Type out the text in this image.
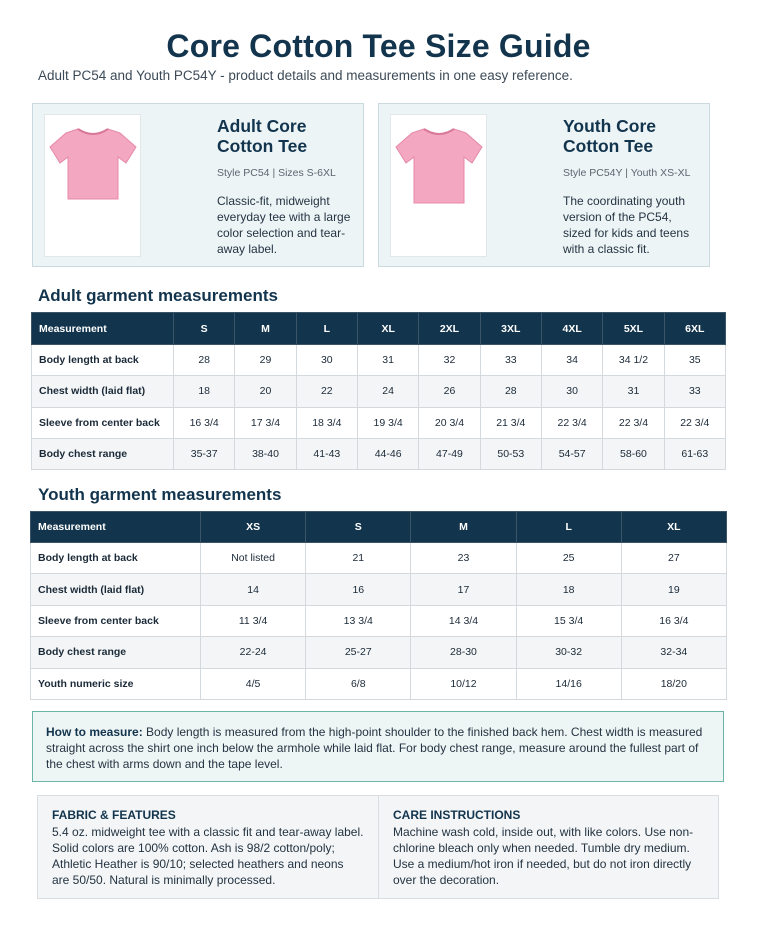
Core Cotton Tee Size Guide
Adult PC54 and Youth PC54Y - product details and measurements in one easy reference.
Adult Core
Cotton Tee
Style PC54 | Sizes S-6XL
Classic-fit, midweight everyday tee with a large color selection and tear-away label.
Youth Core
Cotton Tee
Style PC54Y | Youth XS-XL
The coordinating youth version of the PC54, sized for kids and teens with a classic fit.
Adult garment measurements
Measurement	S	M	L	XL	2XL	3XL	4XL	5XL	6XL
Body length at back	28	29	30	31	32	33	34	34 1/2	35
Chest width (laid flat)	18	20	22	24	26	28	30	31	33
Sleeve from center back	16 3/4	17 3/4	18 3/4	19 3/4	20 3/4	21 3/4	22 3/4	22 3/4	22 3/4
Body chest range	35-37	38-40	41-43	44-46	47-49	50-53	54-57	58-60	61-63
Youth garment measurements
Measurement	XS	S	M	L	XL
Body length at back	Not listed	21	23	25	27
Chest width (laid flat)	14	16	17	18	19
Sleeve from center back	11 3/4	13 3/4	14 3/4	15 3/4	16 3/4
Body chest range	22-24	25-27	28-30	30-32	32-34
Youth numeric size	4/5	6/8	10/12	14/16	18/20
How to measure: Body length is measured from the high-point shoulder to the finished back hem. Chest width is measured straight across the shirt one inch below the armhole while laid flat. For body chest range, measure around the fullest part of the chest with arms down and the tape level.
FABRIC & FEATURES
5.4 oz. midweight tee with a classic fit and tear-away label. Solid colors are 100% cotton. Ash is 98/2 cotton/poly; Athletic Heather is 90/10; selected heathers and neons are 50/50. Natural is minimally processed.
CARE INSTRUCTIONS
Machine wash cold, inside out, with like colors. Use non-chlorine bleach only when needed. Tumble dry medium. Use a medium/hot iron if needed, but do not iron directly over the decoration.
